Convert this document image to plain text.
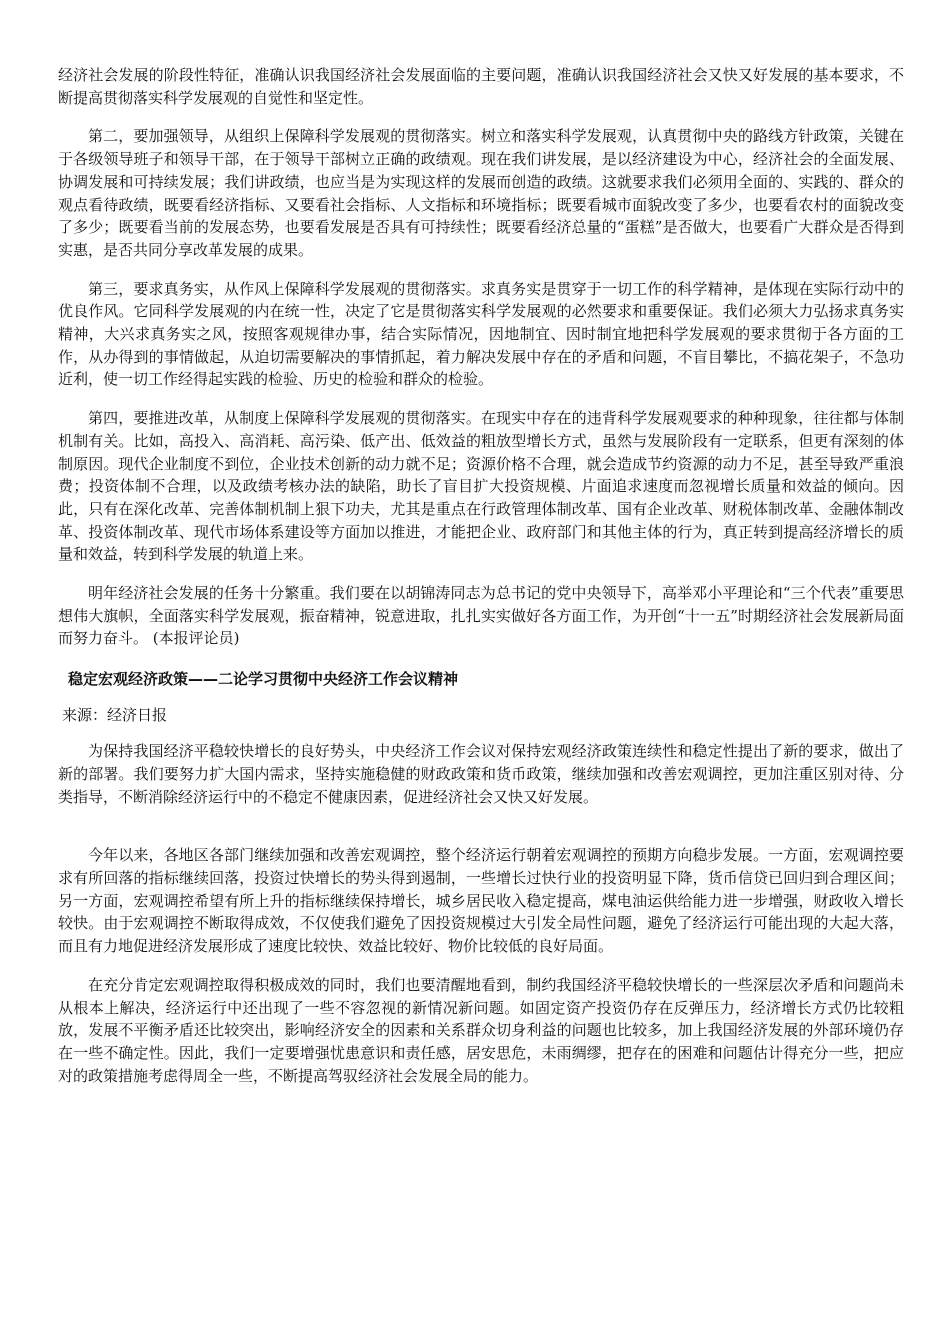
经济社会发展的阶段性特征，准确认识我国经济社会发展面临的主要问题，准确认识我国经济社会又快又好发展的基本要求，不断提高贯彻落实科学发展观的自觉性和坚定性。

第二，要加强领导，从组织上保障科学发展观的贯彻落实。树立和落实科学发展观，认真贯彻中央的路线方针政策，关键在于各级领导班子和领导干部，在于领导干部树立正确的政绩观。现在我们讲发展，是以经济建设为中心，经济社会的全面发展、协调发展和可持续发展；我们讲政绩，也应当是为实现这样的发展而创造的政绩。这就要求我们必须用全面的、实践的、群众的观点看待政绩，既要看经济指标、又要看社会指标、人文指标和环境指标；既要看城市面貌改变了多少，也要看农村的面貌改变了多少；既要看当前的发展态势，也要看发展是否具有可持续性；既要看经济总量的“蛋糕”是否做大，也要看广大群众是否得到实惠，是否共同分享改革发展的成果。

第三，要求真务实，从作风上保障科学发展观的贯彻落实。求真务实是贯穿于一切工作的科学精神，是体现在实际行动中的优良作风。它同科学发展观的内在统一性，决定了它是贯彻落实科学发展观的必然要求和重要保证。我们必须大力弘扬求真务实精神，大兴求真务实之风，按照客观规律办事，结合实际情况，因地制宜、因时制宜地把科学发展观的要求贯彻于各方面的工作，从办得到的事情做起，从迫切需要解决的事情抓起，着力解决发展中存在的矛盾和问题，不盲目攀比，不搞花架子，不急功近利，使一切工作经得起实践的检验、历史的检验和群众的检验。

第四，要推进改革，从制度上保障科学发展观的贯彻落实。在现实中存在的违背科学发展观要求的种种现象，往往都与体制机制有关。比如，高投入、高消耗、高污染、低产出、低效益的粗放型增长方式，虽然与发展阶段有一定联系，但更有深刻的体制原因。现代企业制度不到位，企业技术创新的动力就不足；资源价格不合理，就会造成节约资源的动力不足，甚至导致严重浪费；投资体制不合理，以及政绩考核办法的缺陷，助长了盲目扩大投资规模、片面追求速度而忽视增长质量和效益的倾向。因此，只有在深化改革、完善体制机制上狠下功夫，尤其是重点在行政管理体制改革、国有企业改革、财税体制改革、金融体制改革、投资体制改革、现代市场体系建设等方面加以推进，才能把企业、政府部门和其他主体的行为，真正转到提高经济增长的质量和效益，转到科学发展的轨道上来。

明年经济社会发展的任务十分繁重。我们要在以胡锦涛同志为总书记的党中央领导下，高举邓小平理论和“三个代表”重要思想伟大旗帜，全面落实科学发展观，振奋精神，锐意进取，扎扎实实做好各方面工作，为开创“十一五”时期经济社会发展新局面而努力奋斗。 (本报评论员)

稳定宏观经济政策——二论学习贯彻中央经济工作会议精神
来源：经济日报

为保持我国经济平稳较快增长的良好势头，中央经济工作会议对保持宏观经济政策连续性和稳定性提出了新的要求，做出了新的部署。我们要努力扩大国内需求，坚持实施稳健的财政政策和货币政策，继续加强和改善宏观调控，更加注重区别对待、分类指导，不断消除经济运行中的不稳定不健康因素，促进经济社会又快又好发展。

今年以来，各地区各部门继续加强和改善宏观调控，整个经济运行朝着宏观调控的预期方向稳步发展。一方面，宏观调控要求有所回落的指标继续回落，投资过快增长的势头得到遏制，一些增长过快行业的投资明显下降，货币信贷已回归到合理区间；另一方面，宏观调控希望有所上升的指标继续保持增长，城乡居民收入稳定提高，煤电油运供给能力进一步增强，财政收入增长较快。由于宏观调控不断取得成效，不仅使我们避免了因投资规模过大引发全局性问题，避免了经济运行可能出现的大起大落，而且有力地促进经济发展形成了速度比较快、效益比较好、物价比较低的良好局面。

在充分肯定宏观调控取得积极成效的同时，我们也要清醒地看到，制约我国经济平稳较快增长的一些深层次矛盾和问题尚未从根本上解决，经济运行中还出现了一些不容忽视的新情况新问题。如固定资产投资仍存在反弹压力，经济增长方式仍比较粗放，发展不平衡矛盾还比较突出，影响经济安全的因素和关系群众切身利益的问题也比较多，加上我国经济发展的外部环境仍存在一些不确定性。因此，我们一定要增强忧患意识和责任感，居安思危，未雨绸缪，把存在的困难和问题估计得充分一些，把应对的政策措施考虑得周全一些，不断提高驾驭经济社会发展全局的能力。
